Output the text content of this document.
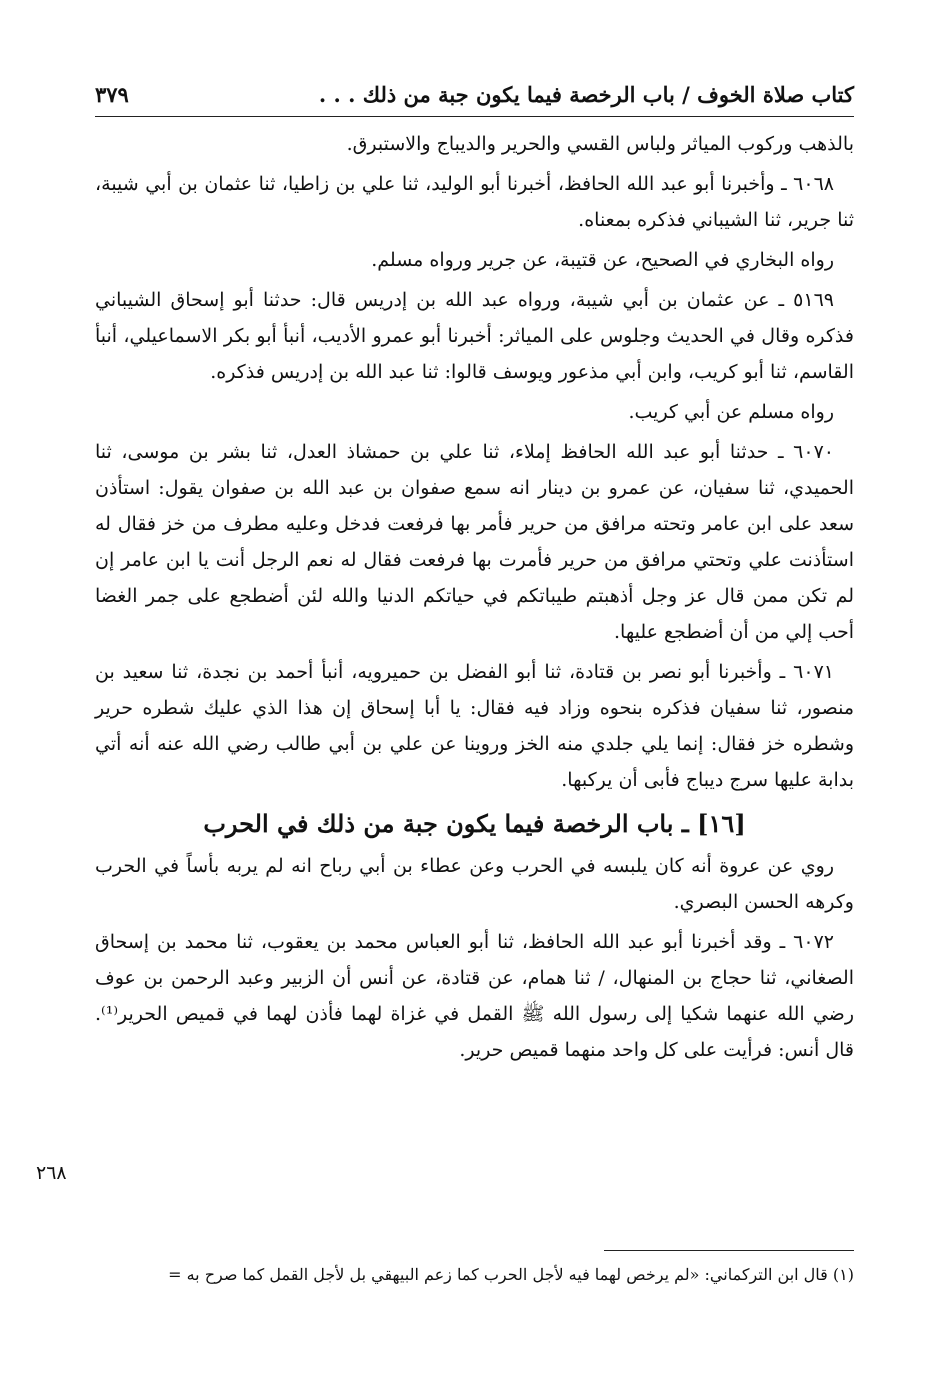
كتاب صلاة الخوف / باب الرخصة فيما يكون جبة من ذلك . . .
٣٧٩

بالذهب وركوب المياثر ولباس القسي والحرير والديباج والاستبرق.

٦٠٦٨ ـ وأخبرنا أبو عبد الله الحافظ، أخبرنا أبو الوليد، ثنا علي بن زاطيا، ثنا عثمان بن أبي شيبة، ثنا جرير، ثنا الشيباني فذكره بمعناه.

رواه البخاري في الصحيح، عن قتيبة، عن جرير ورواه مسلم.

٥١٦٩ ـ عن عثمان بن أبي شيبة، ورواه عبد الله بن إدريس قال: حدثنا أبو إسحاق الشيباني فذكره وقال في الحديث وجلوس على المياثر: أخبرنا أبو عمرو الأديب، أنبأ أبو بكر الاسماعيلي، أنبأ القاسم، ثنا أبو كريب، وابن أبي مذعور ويوسف قالوا: ثنا عبد الله بن إدريس فذكره.

رواه مسلم عن أبي كريب.

٦٠٧٠ ـ حدثنا أبو عبد الله الحافظ إملاء، ثنا علي بن حمشاذ العدل، ثنا بشر بن موسى، ثنا الحميدي، ثنا سفيان، عن عمرو بن دينار انه سمع صفوان بن عبد الله بن صفوان يقول: استأذن سعد على ابن عامر وتحته مرافق من حرير فأمر بها فرفعت فدخل وعليه مطرف من خز فقال له استأذنت علي وتحتي مرافق من حرير فأمرت بها فرفعت فقال له نعم الرجل أنت يا ابن عامر إن لم تكن ممن قال عز وجل أذهبتم طيباتكم في حياتكم الدنيا والله لئن أضطجع على جمر الغضا أحب إلي من أن أضطجع عليها.

٦٠٧١ ـ وأخبرنا أبو نصر بن قتادة، ثنا أبو الفضل بن حميرويه، أنبأ أحمد بن نجدة، ثنا سعيد بن منصور، ثنا سفيان فذكره بنحوه وزاد فيه فقال: يا أبا إسحاق إن هذا الذي عليك شطره حرير وشطره خز فقال: إنما يلي جلدي منه الخز وروينا عن علي بن أبي طالب رضي الله عنه أنه أتي بدابة عليها سرج ديباج فأبى أن يركبها.

[١٦] ـ باب الرخصة فيما يكون جبة من ذلك في الحرب

روي عن عروة أنه كان يلبسه في الحرب وعن عطاء بن أبي رباح انه لم يربه بأساً في الحرب وكرهه الحسن البصري.

٦٠٧٢ ـ وقد أخبرنا أبو عبد الله الحافظ، ثنا أبو العباس محمد بن يعقوب، ثنا محمد بن إسحاق الصغاني، ثنا حجاج بن المنهال، / ثنا همام، عن قتادة، عن أنس أن الزبير وعبد الرحمن بن عوف رضي الله عنهما شكيا إلى رسول الله ﷺ القمل في غزاة لهما فأذن لهما في قميص الحرير⁽¹⁾. قال أنس: فرأيت على كل واحد منهما قميص حرير.

٢٦٨
(١) قال ابن التركماني: «لم يرخص لهما فيه لأجل الحرب كما زعم البيهقي بل لأجل القمل كما صرح به =
